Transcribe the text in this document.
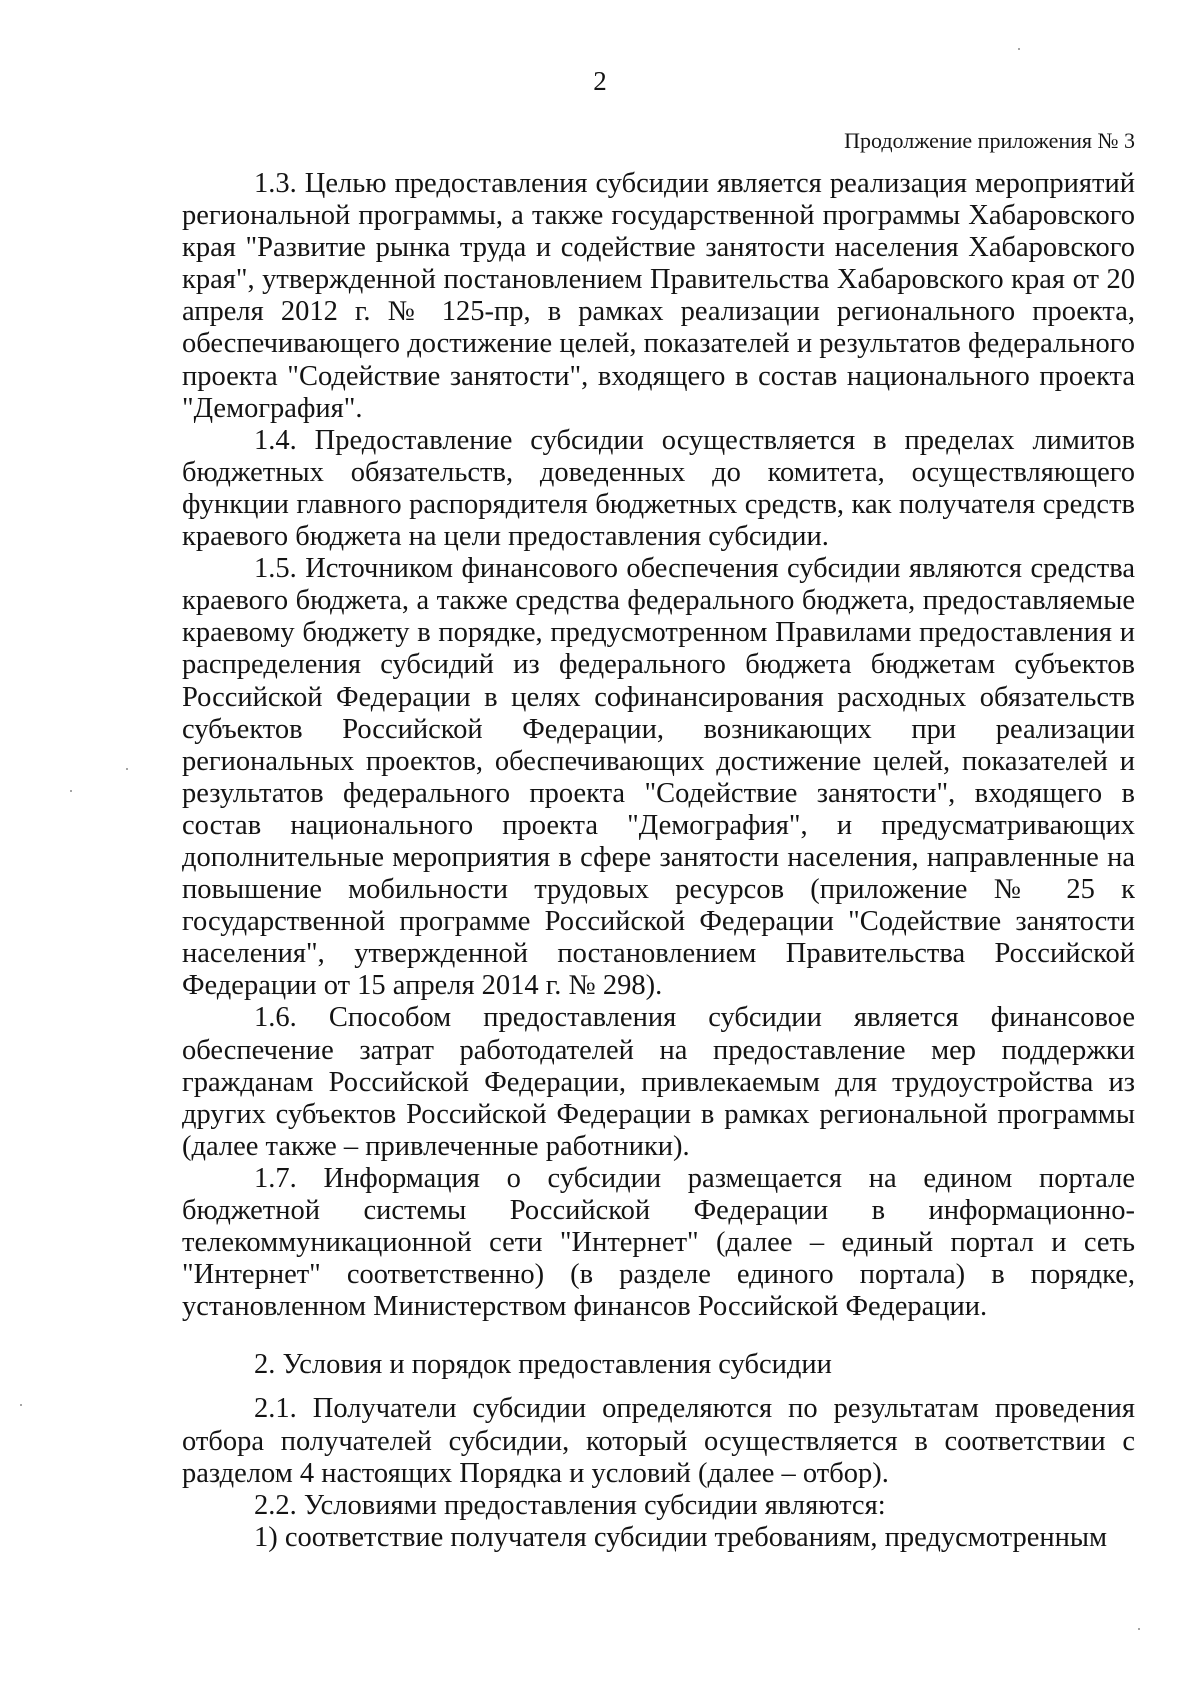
2
Продолжение приложения № 3

1.3. Целью предоставления субсидии является реализация мероприятий региональной программы, а также государственной программы Хабаровского края "Развитие рынка труда и содействие занятости населения Хабаровского края", утвержденной постановлением Правительства Хабаровского края от 20 апреля 2012 г. № 125-пр, в рамках реализации регионального проекта, обеспечивающего достижение целей, показателей и результатов федерального проекта "Содействие занятости", входящего в состав национального проекта "Демография".

1.4. Предоставление субсидии осуществляется в пределах лимитов бюджетных обязательств, доведенных до комитета, осуществляющего функции главного распорядителя бюджетных средств, как получателя средств краевого бюджета на цели предоставления субсидии.

1.5. Источником финансового обеспечения субсидии являются средства краевого бюджета, а также средства федерального бюджета, предоставляемые краевому бюджету в порядке, предусмотренном Правилами предоставления и распределения субсидий из федерального бюджета бюджетам субъектов Российской Федерации в целях софинансирования расходных обязательств субъектов Российской Федерации, возникающих при реализации региональных проектов, обеспечивающих достижение целей, показателей и результатов федерального проекта "Содействие занятости", входящего в состав национального проекта "Демография", и предусматривающих дополнительные мероприятия в сфере занятости населения, направленные на повышение мобильности трудовых ресурсов (приложение № 25 к государственной программе Российской Федерации "Содействие занятости населения", утвержденной постановлением Правительства Российской Федерации от 15 апреля 2014 г. № 298).

1.6. Способом предоставления субсидии является финансовое обеспечение затрат работодателей на предоставление мер поддержки гражданам Российской Федерации, привлекаемым для трудоустройства из других субъектов Российской Федерации в рамках региональной программы (далее также – привлеченные работники).

1.7. Информация о субсидии размещается на едином портале бюджетной системы Российской Федерации в информационно-телекоммуникационной сети "Интернет" (далее – единый портал и сеть "Интернет" соответственно) (в разделе единого портала) в порядке, установленном Министерством финансов Российской Федерации.

2. Условия и порядок предоставления субсидии

2.1. Получатели субсидии определяются по результатам проведения отбора получателей субсидии, который осуществляется в соответствии с разделом 4 настоящих Порядка и условий (далее – отбор).

2.2. Условиями предоставления субсидии являются:

1) соответствие получателя субсидии требованиям, предусмотренным
